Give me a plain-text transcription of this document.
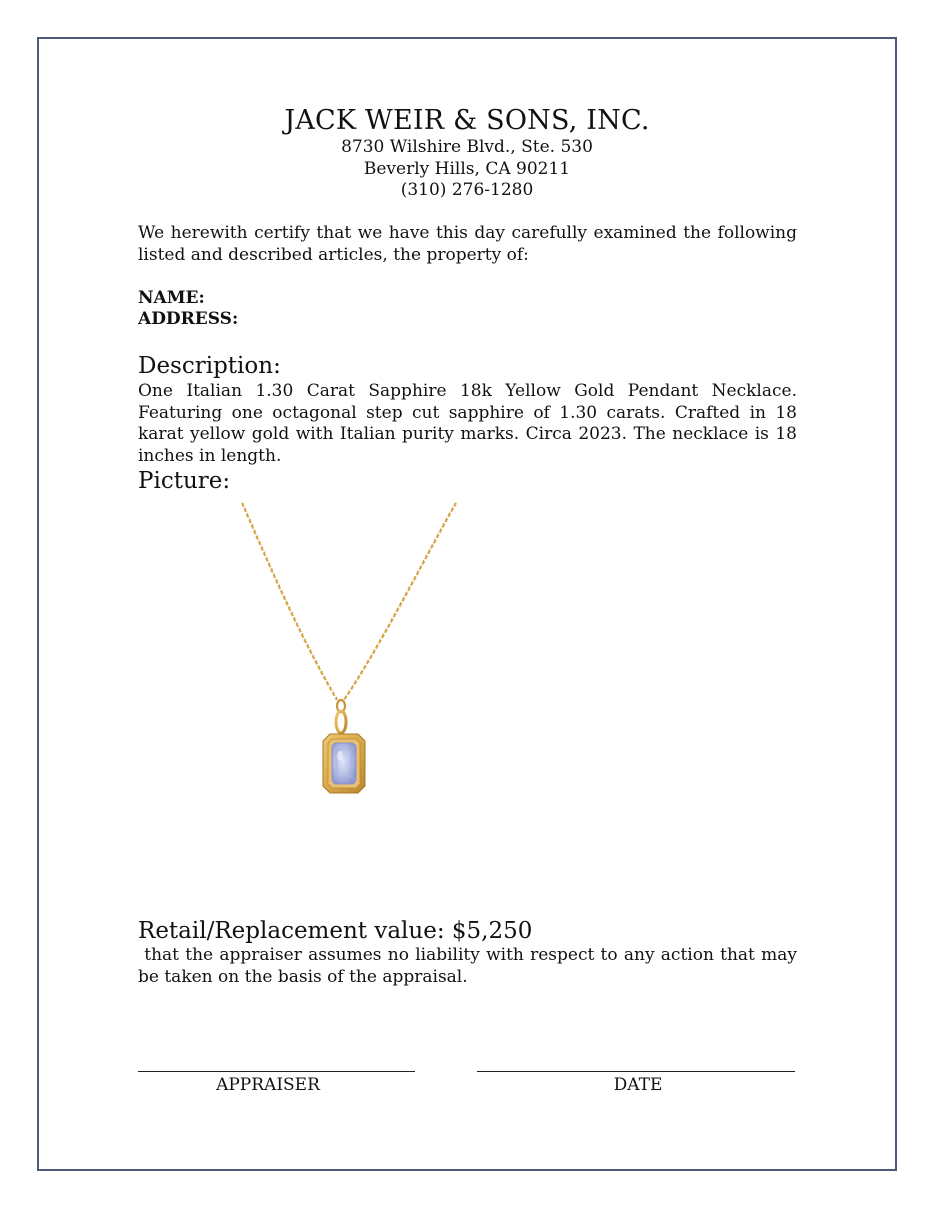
JACK WEIR & SONS, INC.
8730 Wilshire Blvd., Ste. 530
Beverly Hills, CA 90211
(310) 276-1280
We herewith certify that we have this day carefully examined the following listed and described articles, the property of:
NAME:
ADDRESS:
Description:
One Italian 1.30 Carat Sapphire 18k Yellow Gold Pendant Necklace. Featuring one octagonal step cut sapphire of 1.30 carats. Crafted in 18 karat yellow gold with Italian purity marks. Circa 2023. The necklace is 18 inches in length.
Picture:
Retail/Replacement value: $5,250
that the appraiser assumes no liability with respect to any action that may be taken on the basis of the appraisal.
APPRAISER	DATE
